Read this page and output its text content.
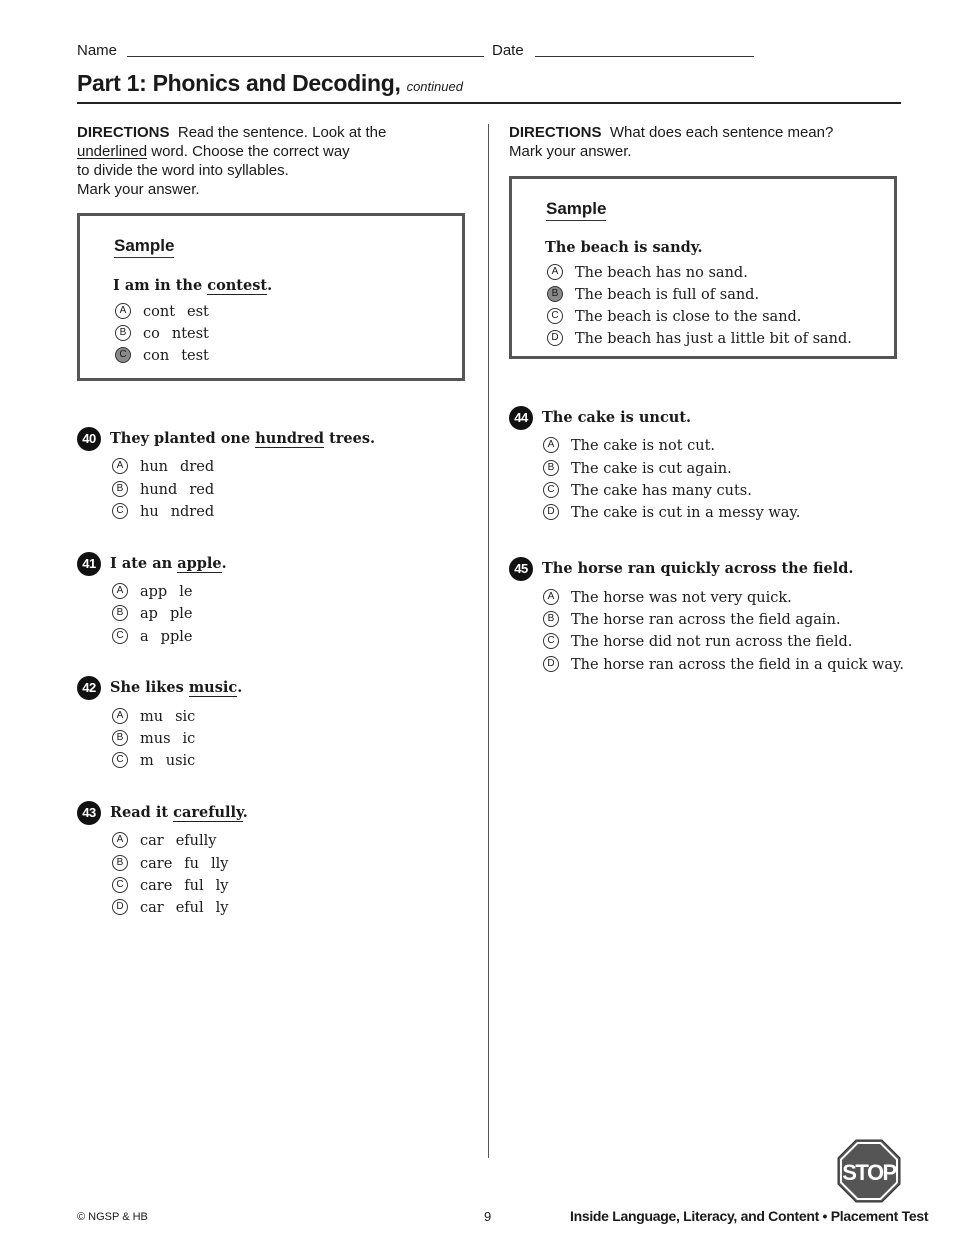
Name	Date
Part 1: Phonics and Decoding, continued
DIRECTIONS Read the sentence. Look at the
underlined word. Choose the correct way
to divide the word into syllables.
Mark your answer.
Sample
I am in the contest.
A cont est
B co ntest
C con test
40 They planted one hundred trees.
A hun dred
B hund red
C hu ndred
41 I ate an apple.
A app le
B ap ple
C a pple
42 She likes music.
A mu sic
B mus ic
C m usic
43 Read it carefully.
A car efully
B care fu lly
C care ful ly
D car eful ly
DIRECTIONS What does each sentence mean?
Mark your answer.
Sample
The beach is sandy.
A The beach has no sand.
B The beach is full of sand.
C The beach is close to the sand.
D The beach has just a little bit of sand.
44 The cake is uncut.
A The cake is not cut.
B The cake is cut again.
C The cake has many cuts.
D The cake is cut in a messy way.
45 The horse ran quickly across the field.
A The horse was not very quick.
B The horse ran across the field again.
C The horse did not run across the field.
D The horse ran across the field in a quick way.
STOP
© NGSP & HB	9	Inside Language, Literacy, and Content • Placement Test
